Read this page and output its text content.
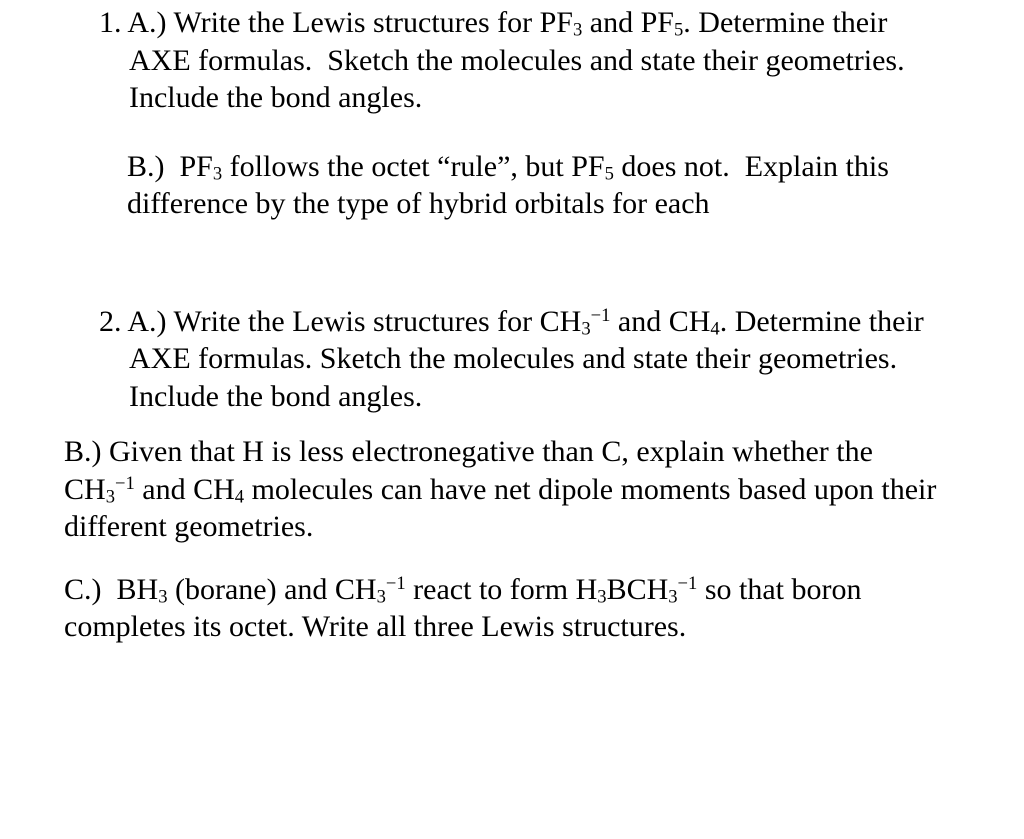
1. A.) Write the Lewis structures for $PF_3$ and $PF_5$. Determine their
AXE formulas.  Sketch the molecules and state their geometries.
Include the bond angles.
B.)  $PF_3$ follows the octet “rule”, but $PF_5$ does not.  Explain this
difference by the type of hybrid orbitals for each
2. A.) Write the Lewis structures for $CH_3^{-1}$ and $CH_4$. Determine their
AXE formulas. Sketch the molecules and state their geometries.
Include the bond angles.
B.) Given that H is less electronegative than C, explain whether the
$CH_3^{-1}$ and $CH_4$ molecules can have net dipole moments based upon their
different geometries.
C.)  $BH_3$ (borane) and $CH_3^{-1}$ react to form $H_3BCH_3^{-1}$ so that boron
completes its octet. Write all three Lewis structures.
